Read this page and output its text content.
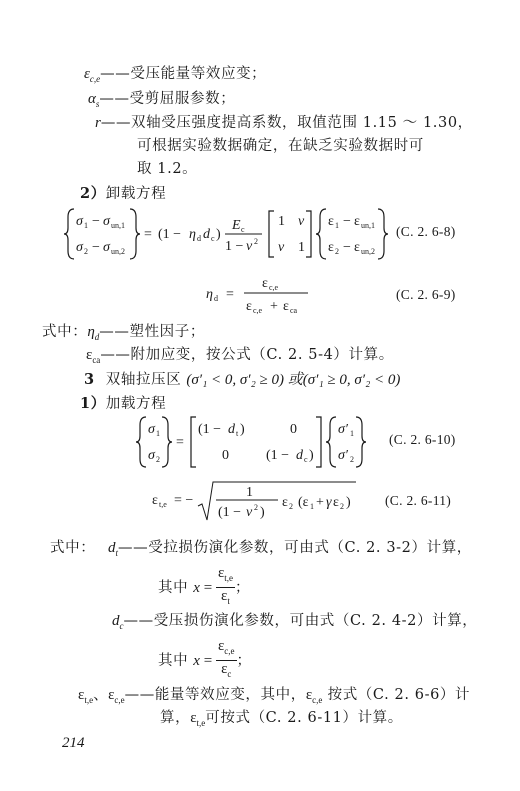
$\varepsilon_{c,e}——$受压能量等效应变；
$\alpha_s——$受剪屈服参数；
r——双轴受压强度提高系数，取值范围 1.15 ～ 1.30，
可根据实验数据确定，在缺乏实验数据时可
取 1.2。
2）卸载方程
σ 1 − σ un,1
σ 2 − σ un,2
= (1 − η d d c )
E c
1 − ν 2
1 ν
ν 1
ε 1 − ε un,1
ε 2 − ε un,2
(C. 2. 6-8)
η d =
ε c,e
ε c,e + ε ca
(C. 2. 6-9)
式中：$\eta_d——$塑性因子；
$\varepsilon_{ca}——$附加应变，按公式（C. 2. 5-4）计算。
3 双轴拉压区 (σ′₁ < 0, σ′₂ ≥ 0) 或(σ′₁ ≥ 0, σ′₂ < 0)
1）加载方程
σ 1
σ 2
=
(1 − d t )	0
0	(1 − d c )
σ′ 1
σ′ 2
(C. 2. 6-10)
ε t,e = −
1
(1 − ν 2 )
ε 2 (ε 1 + γ ε 2 )	(C. 2. 6-11)
式中： $d_t——$受拉损伤演化参数，可由式（C. 2. 3-2）计算，
其中 $x = \frac{\varepsilon_{t,e}}{\varepsilon_t}$ ；
$d_c——$受压损伤演化参数，可由式（C. 2. 4-2）计算，
其中 $x = \frac{\varepsilon_{c,e}}{\varepsilon_c}$ ；
$\varepsilon_{t,e}$、$\varepsilon_{c,e}——$能量等效应变，其中，$\varepsilon_{c,e}$ 按式（C. 2. 6-6）计
算，$\varepsilon_{t,e}$可按式（C. 2. 6-11）计算。
214
